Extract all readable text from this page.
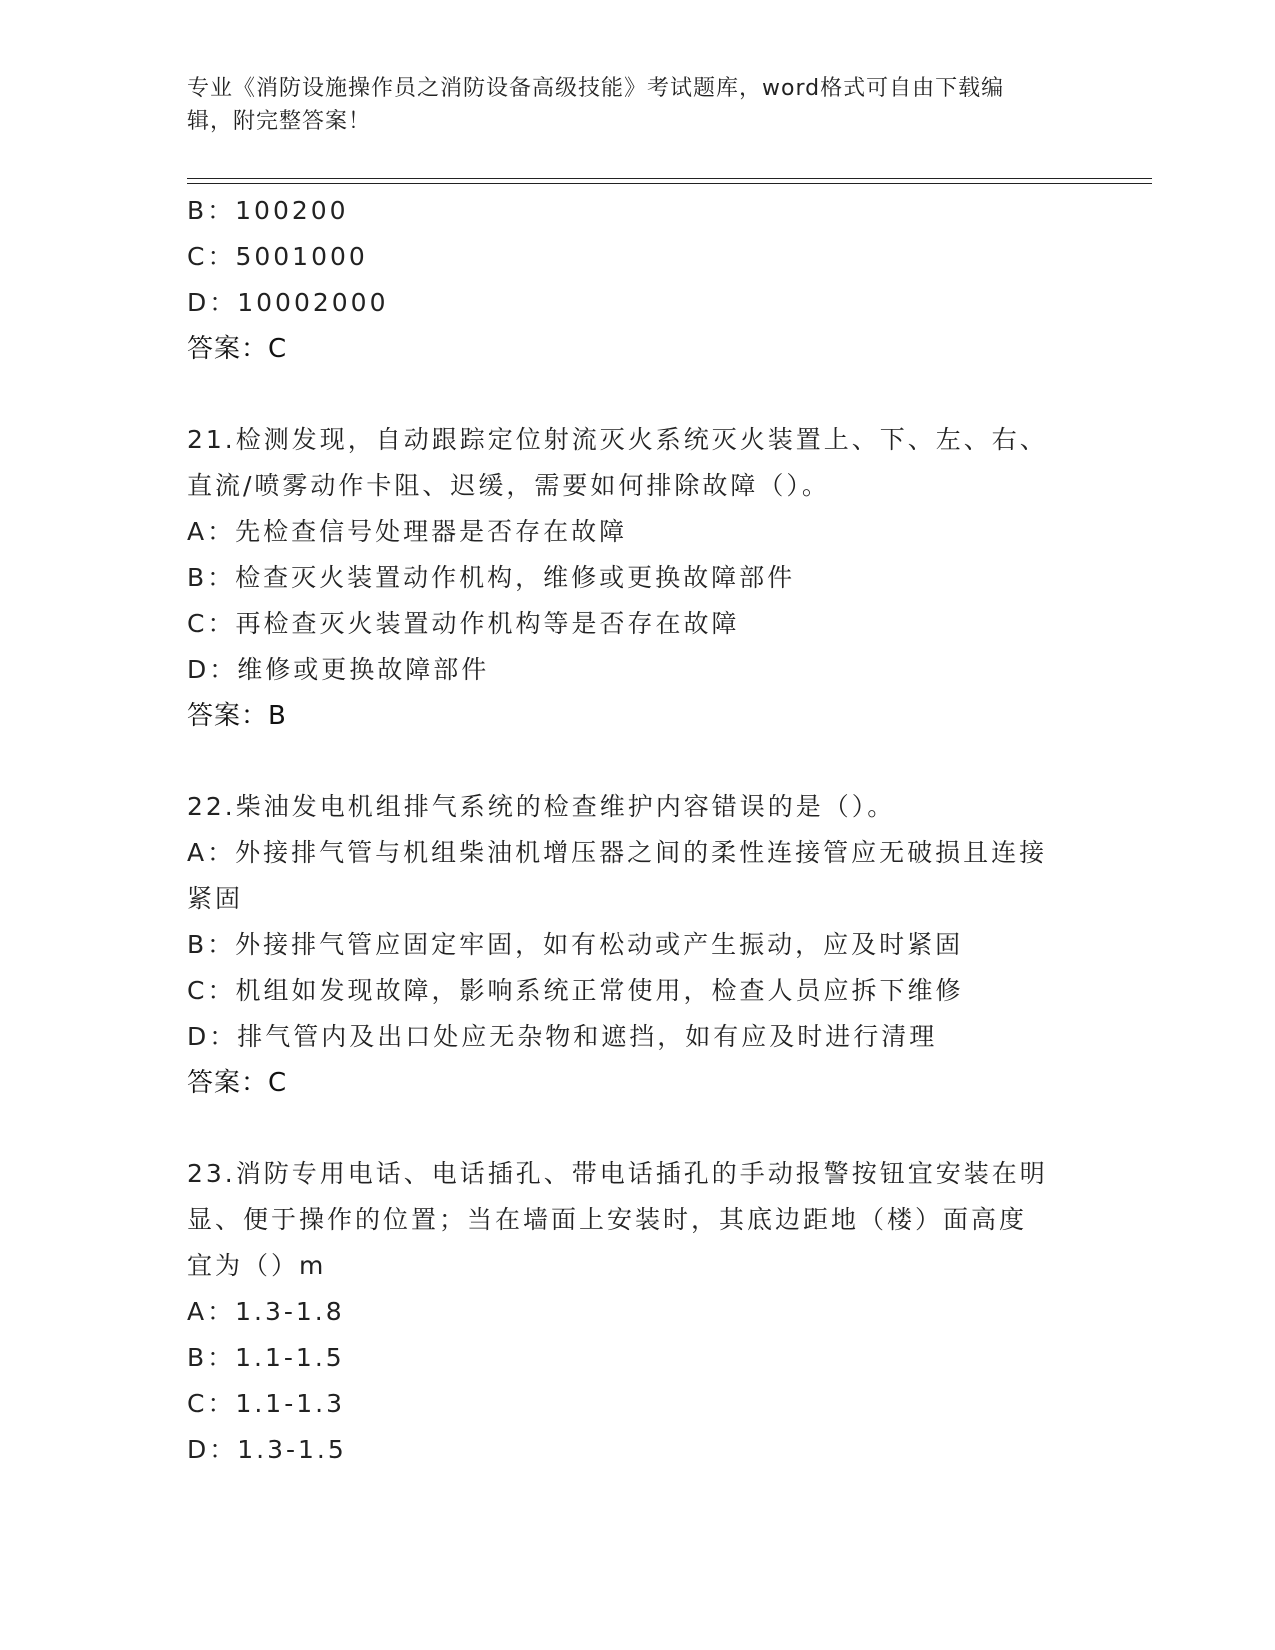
专业《消防设施操作员之消防设备高级技能》考试题库，word格式可自由下载编
辑，附完整答案！
B：100200
C：5001000
D：10002000
答案：C
21.检测发现，自动跟踪定位射流灭火系统灭火装置上、下、左、右、
直流/喷雾动作卡阻、迟缓，需要如何排除故障（）。
A：先检查信号处理器是否存在故障
B：检查灭火装置动作机构，维修或更换故障部件
C：再检查灭火装置动作机构等是否存在故障
D：维修或更换故障部件
答案：B
22.柴油发电机组排气系统的检查维护内容错误的是（）。
A：外接排气管与机组柴油机增压器之间的柔性连接管应无破损且连接
紧固
B：外接排气管应固定牢固，如有松动或产生振动，应及时紧固
C：机组如发现故障，影响系统正常使用，检查人员应拆下维修
D：排气管内及出口处应无杂物和遮挡，如有应及时进行清理
答案：C
23.消防专用电话、电话插孔、带电话插孔的手动报警按钮宜安装在明
显、便于操作的位置；当在墙面上安装时，其底边距地（楼）面高度
宜为（）m
A：1.3-1.8
B：1.1-1.5
C：1.1-1.3
D：1.3-1.5
